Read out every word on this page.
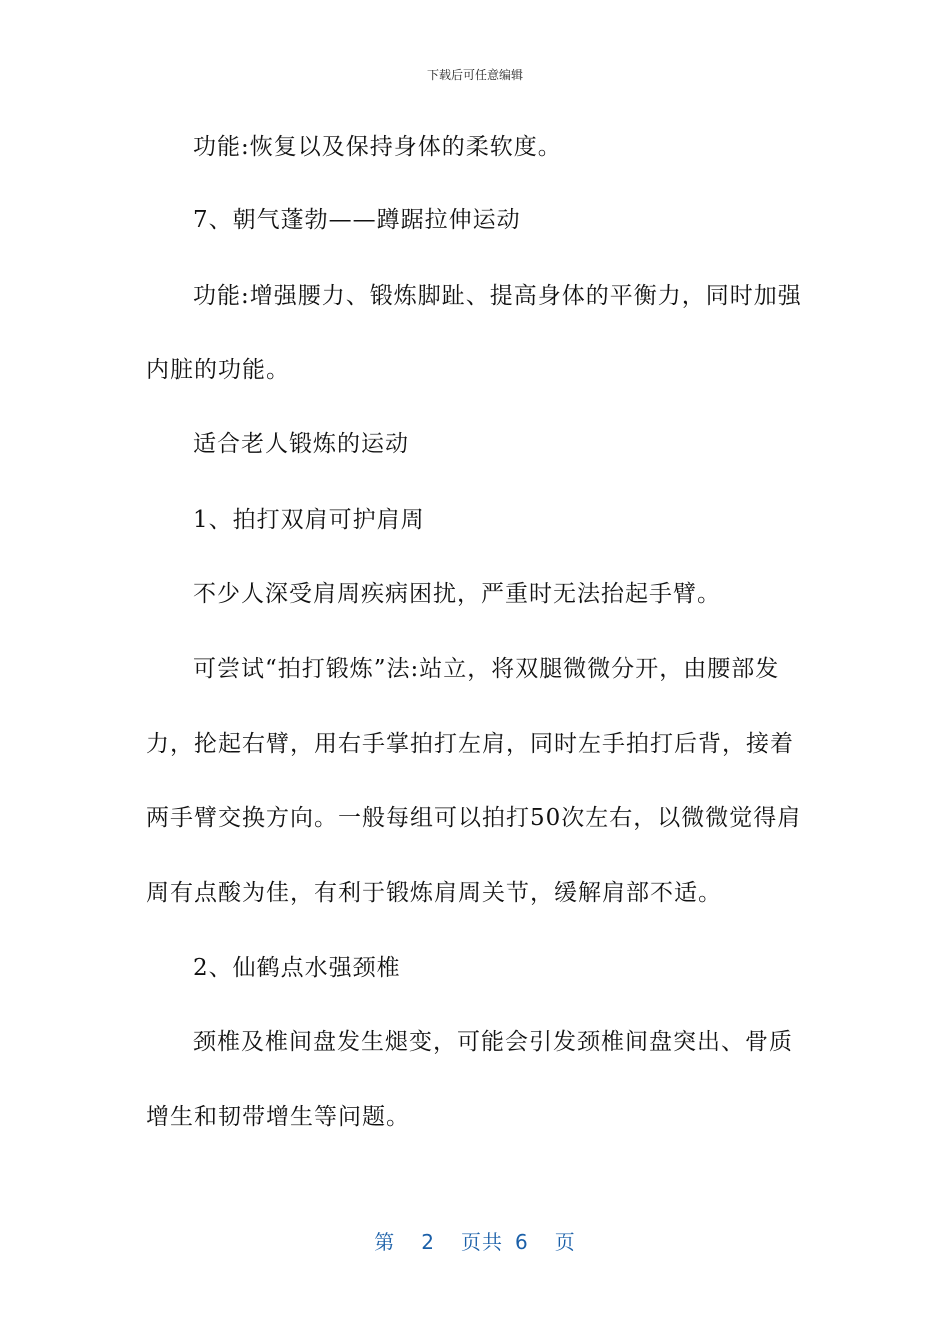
下载后可任意编辑
功能:恢复以及保持身体的柔软度。
7、朝气蓬勃——蹲踞拉伸运动
功能:增强腰力、锻炼脚趾、提高身体的平衡力，同时加强
内脏的功能。
适合老人锻炼的运动
1、拍打双肩可护肩周
不少人深受肩周疾病困扰，严重时无法抬起手臂。
可尝试“拍打锻炼”法:站立，将双腿微微分开，由腰部发
力，抡起右臂，用右手掌拍打左肩，同时左手拍打后背，接着
两手臂交换方向。一般每组可以拍打50次左右，以微微觉得肩
周有点酸为佳，有利于锻炼肩周关节，缓解肩部不适。
2、仙鹤点水强颈椎
颈椎及椎间盘发生煺变，可能会引发颈椎间盘突出、骨质
增生和韧带增生等问题。
第 2 页共 6 页
